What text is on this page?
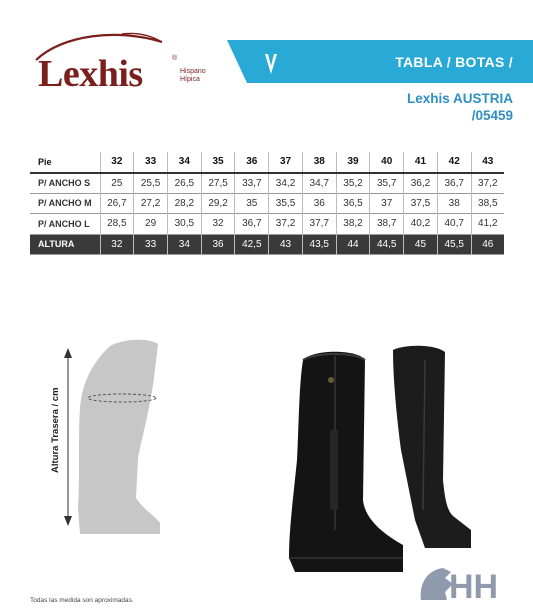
Lexhis	®
Hispano
Hípica
TABLA / BOTAS /
Lexhis AUSTRIA
/05459
Pie	32	33	34	35	36	37	38	39	40	41	42	43
P/ ANCHO S	25	25,5	26,5	27,5	33,7	34,2	34,7	35,2	35,7	36,2	36,7	37,2
P/ ANCHO M	26,7	27,2	28,2	29,2	35	35,5	36	36,5	37	37,5	38	38,5
P/ ANCHO L	28,5	29	30,5	32	36,7	37,2	37,7	38,2	38,7	40,2	40,7	41,2
ALTURA	32	33	34	36	42,5	43	43,5	44	44,5	45	45,5	46
Altura Trasera / cm
HH
Todas las medida son aproximadas.
